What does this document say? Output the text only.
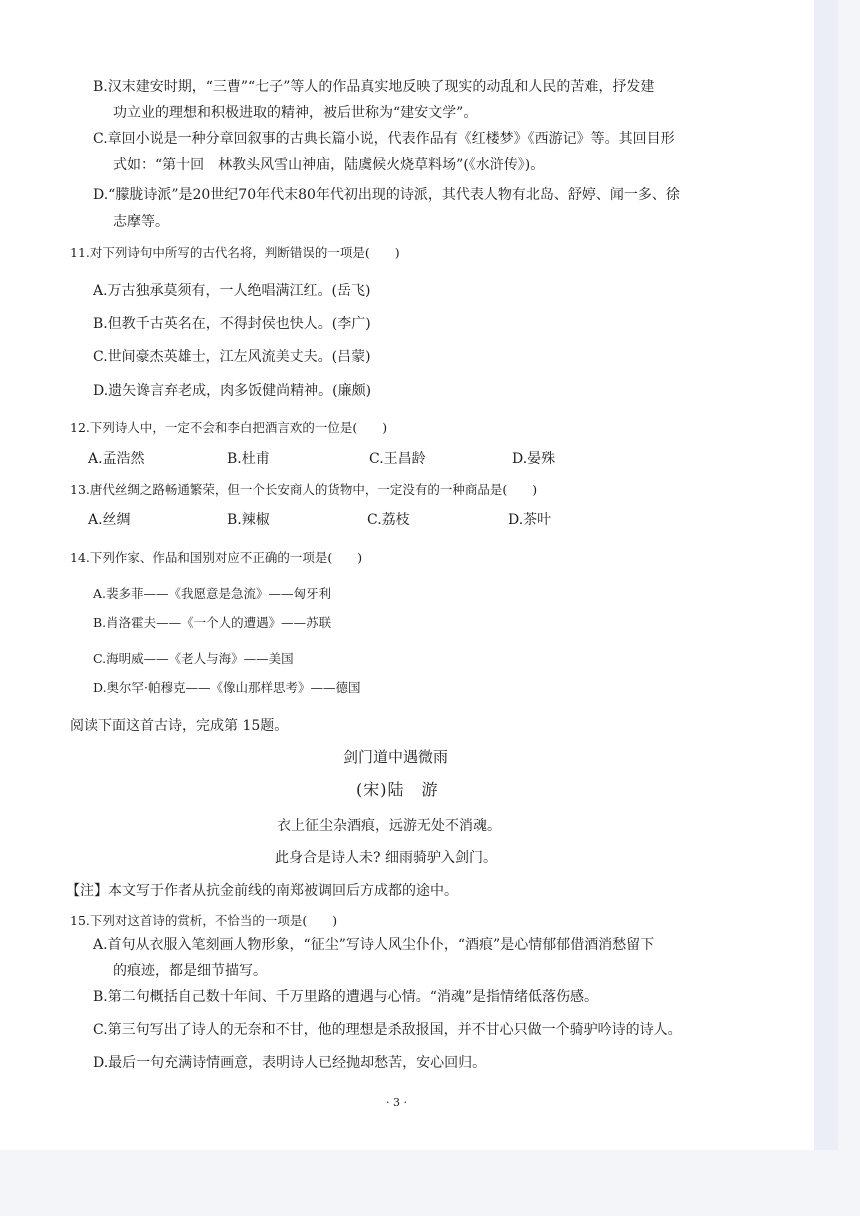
B.汉末建安时期，“三曹”“七子”等人的作品真实地反映了现实的动乱和人民的苦难，抒发建
功立业的理想和积极进取的精神，被后世称为“建安文学”。
C.章回小说是一种分章回叙事的古典长篇小说，代表作品有《红楼梦》《西游记》等。其回目形
式如：“第十回　林教头风雪山神庙，陆虞候火烧草料场”(《水浒传》)。
D.“朦胧诗派”是20世纪70年代末80年代初出现的诗派，其代表人物有北岛、舒婷、闻一多、徐
志摩等。
11.对下列诗句中所写的古代名将，判断错误的一项是(　　)
A.万古独承莫须有，一人绝唱满江红。(岳飞)
B.但教千古英名在，不得封侯也快人。(李广)
C.世间豪杰英雄士，江左风流美丈夫。(吕蒙)
D.遗矢谗言弃老成，肉多饭健尚精神。(廉颇)
12.下列诗人中，一定不会和李白把酒言欢的一位是(　　)
A.孟浩然	B.杜甫	C.王昌龄	D.晏殊
13.唐代丝绸之路畅通繁荣，但一个长安商人的货物中，一定没有的一种商品是(　　)
A.丝绸	B.辣椒	C.荔枝	D.茶叶
14.下列作家、作品和国别对应不正确的一项是(　　)
A.裴多菲——《我愿意是急流》——匈牙利
B.肖洛霍夫——《一个人的遭遇》——苏联
C.海明威——《老人与海》——美国
D.奥尔罕·帕穆克——《像山那样思考》——德国
阅读下面这首古诗，完成第 15题。
剑门道中遇微雨
(宋)陆　游
衣上征尘杂酒痕，远游无处不消魂。
此身合是诗人未? 细雨骑驴入剑门。
【注】本文写于作者从抗金前线的南郑被调回后方成都的途中。
15.下列对这首诗的赏析，不恰当的一项是(　　)
A.首句从衣服入笔刻画人物形象，“征尘”写诗人风尘仆仆，“酒痕”是心情郁郁借酒消愁留下
的痕迹，都是细节描写。
B.第二句概括自己数十年间、千万里路的遭遇与心情。“消魂”是指情绪低落伤感。
C.第三句写出了诗人的无奈和不甘，他的理想是杀敌报国，并不甘心只做一个骑驴吟诗的诗人。
D.最后一句充满诗情画意，表明诗人已经抛却愁苦，安心回归。
· 3 ·
